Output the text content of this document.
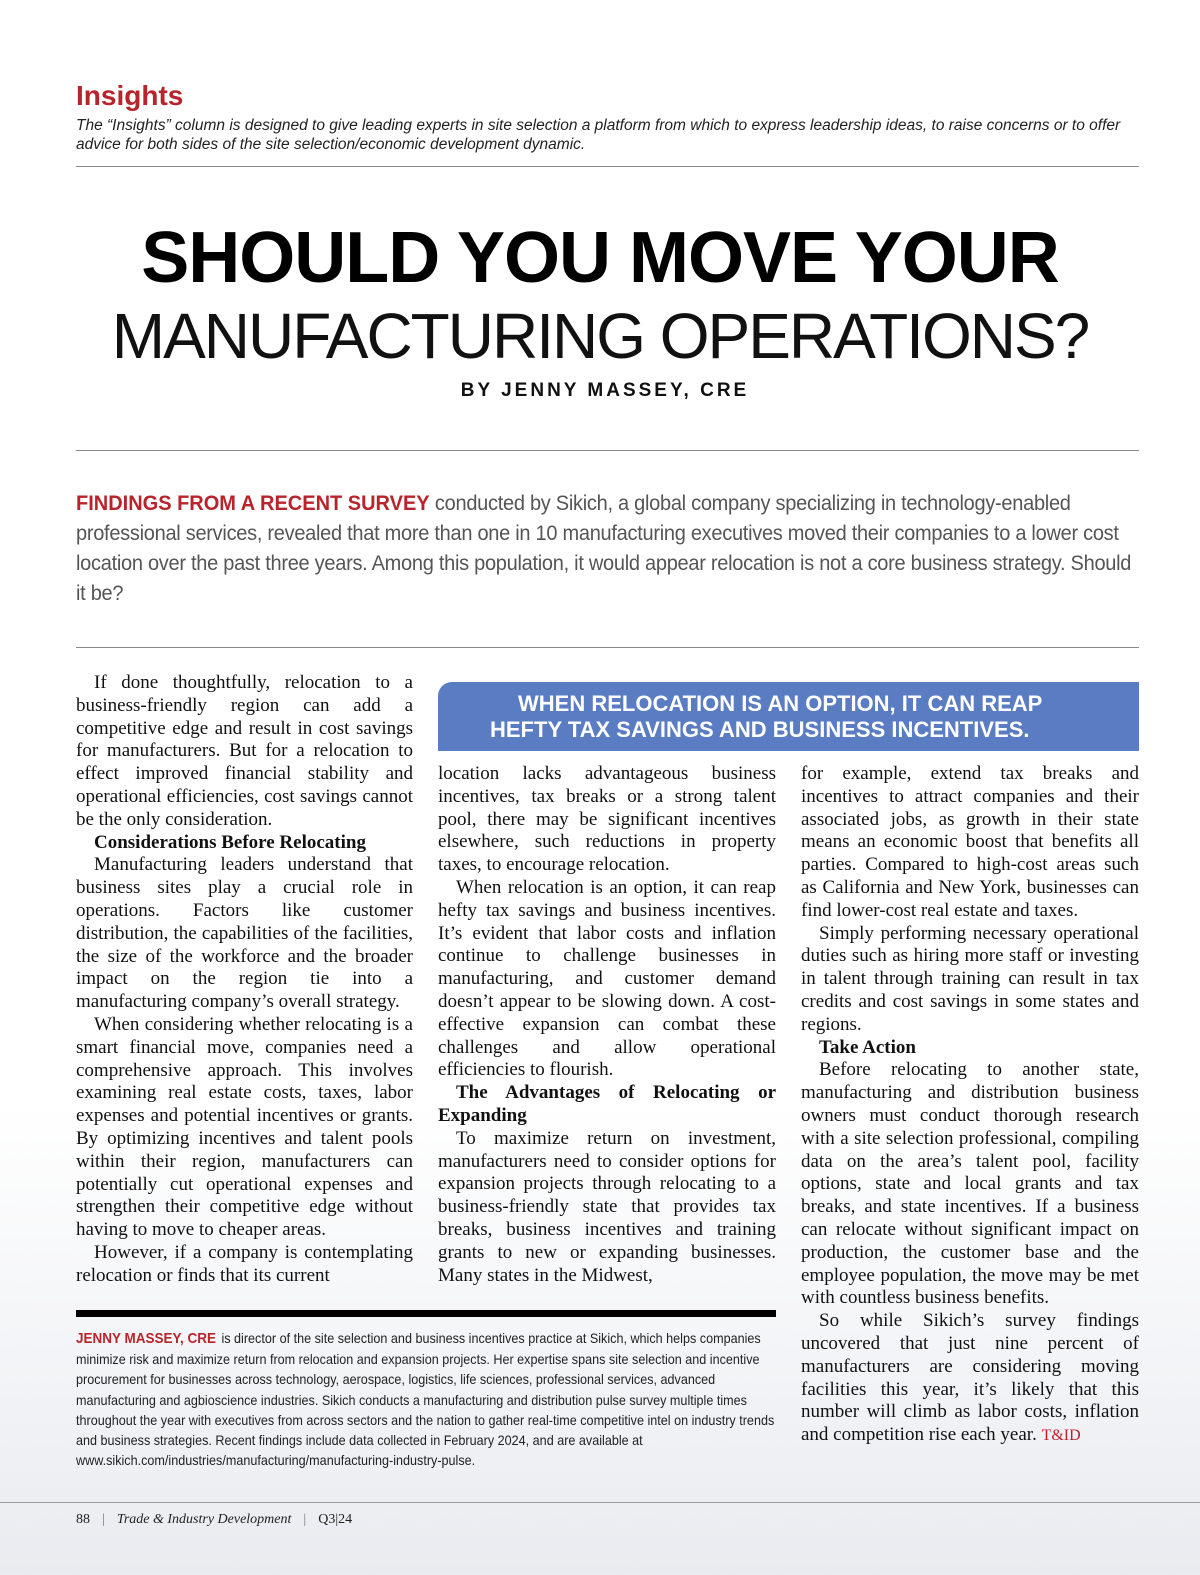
Insights
The “Insights” column is designed to give leading experts in site selection a platform from which to express leadership ideas, to raise concerns or to offer advice for both sides of the site selection/economic development dynamic.
SHOULD YOU MOVE YOUR
MANUFACTURING OPERATIONS?
BY JENNY MASSEY, CRE
FINDINGS FROM A RECENT SURVEY conducted by Sikich, a global company specializing in technology-enabled professional services, revealed that more than one in 10 manufacturing executives moved their companies to a lower cost location over the past three years. Among this population, it would appear relocation is not a core business strategy. Should it be?

If done thoughtfully, relocation to a business-friendly region can add a competitive edge and result in cost savings for manufacturers. But for a relocation to effect improved financial stability and operational efficiencies, cost savings cannot be the only consideration.

Considerations Before Relocating

Manufacturing leaders understand that business sites play a crucial role in operations. Factors like customer distribution, the capabilities of the facilities, the size of the workforce and the broader impact on the region tie into a manufacturing company’s overall strategy.

When considering whether relocating is a smart financial move, companies need a comprehensive approach. This involves examining real estate costs, taxes, labor expenses and potential incentives or grants. By optimizing incentives and talent pools within their region, manufacturers can potentially cut operational expenses and strengthen their competitive edge without having to move to cheaper areas.

However, if a company is contemplating relocation or finds that its current

WHEN RELOCATION IS AN OPTION, IT CAN REAP
HEFTY TAX SAVINGS AND BUSINESS INCENTIVES.

location lacks advantageous business incentives, tax breaks or a strong talent pool, there may be significant incentives elsewhere, such reductions in property taxes, to encourage relocation.

When relocation is an option, it can reap hefty tax savings and business incentives. It’s evident that labor costs and inflation continue to challenge businesses in manufacturing, and customer demand doesn’t appear to be slowing down. A cost-effective expansion can combat these challenges and allow operational efficiencies to flourish.

The Advantages of Relocating or Expanding

To maximize return on investment, manufacturers need to consider options for expansion projects through relocating to a business-friendly state that provides tax breaks, business incentives and training grants to new or expanding businesses. Many states in the Midwest,

for example, extend tax breaks and incentives to attract companies and their associated jobs, as growth in their state means an economic boost that benefits all parties. Compared to high-cost areas such as California and New York, businesses can find lower-cost real estate and taxes.

Simply performing necessary operational duties such as hiring more staff or investing in talent through training can result in tax credits and cost savings in some states and regions.

Take Action

Before relocating to another state, manufacturing and distribution business owners must conduct thorough research with a site selection professional, compiling data on the area’s talent pool, facility options, state and local grants and tax breaks, and state incentives. If a business can relocate without significant impact on production, the customer base and the employee population, the move may be met with countless business benefits.

So while Sikich’s survey findings uncovered that just nine percent of manufacturers are considering moving facilities this year, it’s likely that this number will climb as labor costs, inflation and competition rise each year. T&ID

JENNY MASSEY, CRE is director of the site selection and business incentives practice at Sikich, which helps companies minimize risk and maximize return from relocation and expansion projects. Her expertise spans site selection and incentive procurement for businesses across technology, aerospace, logistics, life sciences, professional services, advanced manufacturing and agbioscience industries. Sikich conducts a manufacturing and distribution pulse survey multiple times throughout the year with executives from across sectors and the nation to gather real-time competitive intel on industry trends and business strategies. Recent findings include data collected in February 2024, and are available at www.sikich.com/industries/manufacturing/manufacturing-industry-pulse.
88 | Trade & Industry Development | Q3|24
